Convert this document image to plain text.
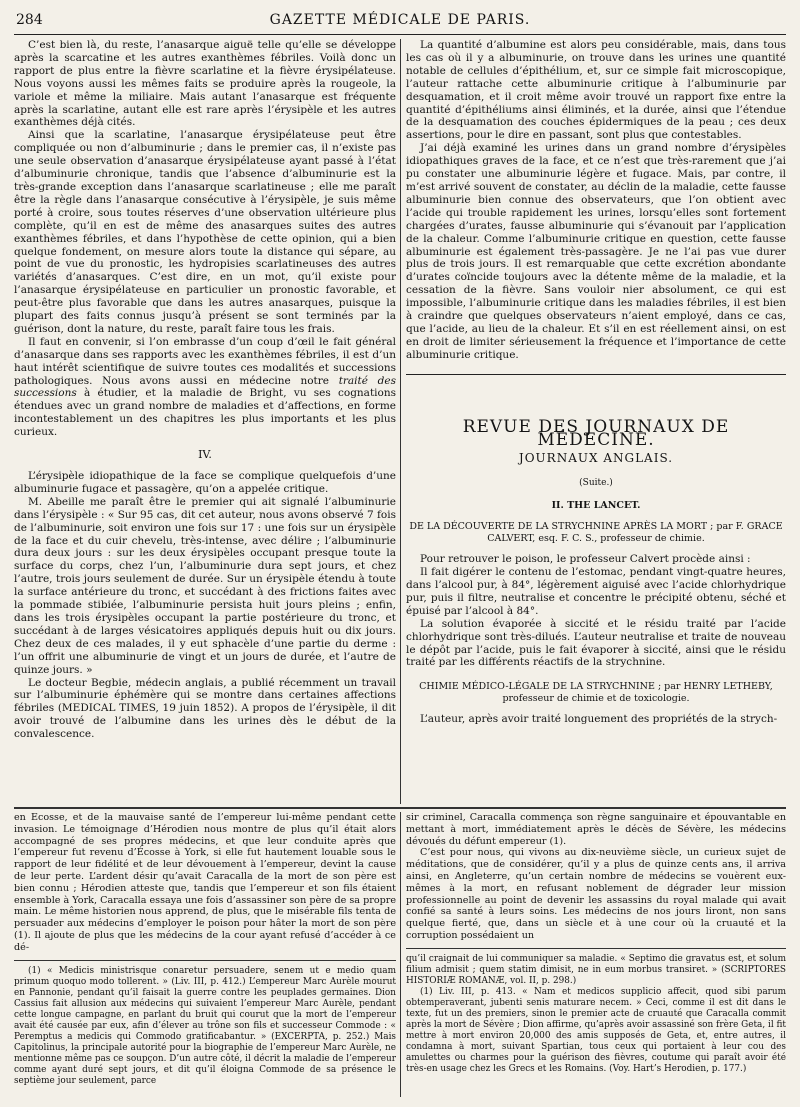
284	GAZETTE MÉDICALE DE PARIS.

C’est bien là, du reste, l’anasarque aiguë telle qu’elle se développe après la scarcatine et les autres exanthèmes fébriles. Voilà donc un rapport de plus entre la fièvre scarlatine et la fièvre érysipélateuse. Nous voyons aussi les mêmes faits se produire après la rougeole, la variole et même la miliaire. Mais autant l’anasarque est fréquente après la scarlatine, autant elle est rare après l’érysipèle et les autres exanthèmes déjà cités.

Ainsi que la scarlatine, l’anasarque érysipélateuse peut être compliquée ou non d’albuminurie ; dans le premier cas, il n’existe pas une seule observation d’anasarque érysipélateuse ayant passé à l’état d’albuminurie chronique, tandis que l’absence d’albuminurie est la très-grande exception dans l’anasarque scarlatineuse ; elle me paraît être la règle dans l’anasarque consécutive à l’érysipèle, je suis même porté à croire, sous toutes réserves d’une observation ultérieure plus complète, qu’il en est de même des anasarques suites des autres exanthèmes fébriles, et dans l’hypothèse de cette opinion, qui a bien quelque fondement, on mesure alors toute la distance qui sépare, au point de vue du pronostic, les hydropisies scarlatineuses des autres variétés d’anasarques. C’est dire, en un mot, qu’il existe pour l’anasarque érysipélateuse en particulier un pronostic favorable, et peut-être plus favorable que dans les autres anasarques, puisque la plupart des faits connus jusqu’à présent se sont terminés par la guérison, dont la nature, du reste, paraît faire tous les frais.

Il faut en convenir, si l’on embrasse d’un coup d’œil le fait général d’anasarque dans ses rapports avec les exanthèmes fébriles, il est d’un haut intérêt scientifique de suivre toutes ces modalités et successions pathologiques. Nous avons aussi en médecine notre traité des successions à étudier, et la maladie de Bright, vu ses cognations étendues avec un grand nombre de maladies et d’affections, en forme incontestablement un des chapitres les plus importants et les plus curieux.

IV.

L’érysipèle idiopathique de la face se complique quelquefois d’une albuminurie fugace et passagère, qu’on a appelée critique.

M. Abeille me paraît être le premier qui ait signalé l’albuminurie dans l’érysipèle : « Sur 95 cas, dit cet auteur, nous avons observé 7 fois de l’albuminurie, soit environ une fois sur 17 : une fois sur un érysipèle de la face et du cuir chevelu, très-intense, avec délire ; l’albuminurie dura deux jours : sur les deux érysipèles occupant presque toute la surface du corps, chez l’un, l’albuminurie dura sept jours, et chez l’autre, trois jours seulement de durée. Sur un érysipèle étendu à toute la surface antérieure du tronc, et succédant à des frictions faites avec la pommade stibiée, l’albuminurie persista huit jours pleins ; enfin, dans les trois érysipèles occupant la partie postérieure du tronc, et succédant à de larges vésicatoires appliqués depuis huit ou dix jours. Chez deux de ces malades, il y eut sphacèle d’une partie du derme : l’un offrit une albuminurie de vingt et un jours de durée, et l’autre de quinze jours. »

Le docteur Begbie, médecin anglais, a publié récemment un travail sur l’albuminurie éphémère qui se montre dans certaines affections fébriles (MEDICAL TIMES, 19 juin 1852). A propos de l’érysipèle, il dit avoir trouvé de l’albumine dans les urines dès le début de la convalescence.

La quantité d’albumine est alors peu considérable, mais, dans tous les cas où il y a albuminurie, on trouve dans les urines une quantité notable de cellules d’épithélium, et, sur ce simple fait microscopique, l’auteur rattache cette albuminurie critique à l’albuminurie par desquamation, et il croit même avoir trouvé un rapport fixe entre la quantité d’épithéliums ainsi éliminés, et la durée, ainsi que l’étendue de la desquamation des couches épidermiques de la peau ; ces deux assertions, pour le dire en passant, sont plus que contestables.

J’ai déjà examiné les urines dans un grand nombre d’érysipèles idiopathiques graves de la face, et ce n’est que très-rarement que j’ai pu constater une albuminurie légère et fugace. Mais, par contre, il m’est arrivé souvent de constater, au déclin de la maladie, cette fausse albuminurie bien connue des observateurs, que l’on obtient avec l’acide qui trouble rapidement les urines, lorsqu’elles sont fortement chargées d’urates, fausse albuminurie qui s’évanouit par l’application de la chaleur. Comme l’albuminurie critique en question, cette fausse albuminurie est également très-passagère. Je ne l’ai pas vue durer plus de trois jours. Il est remarquable que cette excrétion abondante d’urates coïncide toujours avec la détente même de la maladie, et la cessation de la fièvre. Sans vouloir nier absolument, ce qui est impossible, l’albuminurie critique dans les maladies fébriles, il est bien à craindre que quelques observateurs n’aient employé, dans ce cas, que l’acide, au lieu de la chaleur. Et s’il en est réellement ainsi, on est en droit de limiter sérieusement la fréquence et l’importance de cette albuminurie critique.

REVUE DES JOURNAUX DE MÉDECINE.
JOURNAUX ANGLAIS.
(Suite.)
II. THE LANCET.
DE LA DÉCOUVERTE DE LA STRYCHNINE APRÈS LA MORT ; par F. GRACE CALVERT, esq. F. C. S., professeur de chimie.

Pour retrouver le poison, le professeur Calvert procède ainsi :

Il fait digérer le contenu de l’estomac, pendant vingt-quatre heures, dans l’alcool pur, à 84°, légèrement aiguisé avec l’acide chlorhydrique pur, puis il filtre, neutralise et concentre le précipité obtenu, séché et épuisé par l’alcool à 84°.

La solution évaporée à siccité et le résidu traité par l’acide chlorhydrique sont très-dilués. L’auteur neutralise et traite de nouveau le dépôt par l’acide, puis le fait évaporer à siccité, ainsi que le résidu traité par les différents réactifs de la strychnine.

CHIMIE MÉDICO-LÉGALE DE LA STRYCHNINE ; par HENRY LETHEBY, professeur de chimie et de toxicologie.

L’auteur, après avoir traité longuement des propriétés de la strych-

en Ecosse, et de la mauvaise santé de l’empereur lui-même pendant cette invasion. Le témoignage d’Hérodien nous montre de plus qu’il était alors accompagné de ses propres médecins, et que leur conduite après que l’empereur fut revenu d’Écosse à York, si elle fut hautement louable sous le rapport de leur fidélité et de leur dévouement à l’empereur, devint la cause de leur perte. L’ardent désir qu’avait Caracalla de la mort de son père est bien connu ; Hérodien atteste que, tandis que l’empereur et son fils étaient ensemble à York, Caracalla essaya une fois d’assassiner son père de sa propre main. Le même historien nous apprend, de plus, que le misérable fils tenta de persuader aux médecins d’employer le poison pour hâter la mort de son père (1). Il ajoute de plus que les médecins de la cour ayant refusé d’accéder à ce dé-

(1) « Medicis ministrisque conaretur persuadere, senem ut e medio quam primum quoquo modo tollerent. » (Liv. III, p. 412.) L’empereur Marc Aurèle mourut en Pannonie, pendant qu’il faisait la guerre contre les peuplades germaines. Dion Cassius fait allusion aux médecins qui suivaient l’empereur Marc Aurèle, pendant cette longue campagne, en parlant du bruit qui courut que la mort de l’empereur avait été causée par eux, afin d’élever au trône son fils et successeur Commode : « Peremptus a medicis qui Commodo gratificabantur. » (EXCERPTA, p. 252.) Mais Capitolinus, la principale autorité pour la biographie de l’empereur Marc Aurèle, ne mentionne même pas ce soupçon. D’un autre côté, il décrit la maladie de l’empereur comme ayant duré sept jours, et dit qu’il éloigna Commode de sa présence le septième jour seulement, parce

sir criminel, Caracalla commença son règne sanguinaire et épouvantable en mettant à mort, immédiatement après le décès de Sévère, les médecins dévoués du défunt empereur (1).

C’est pour nous, qui vivons au dix-neuvième siècle, un curieux sujet de méditations, que de considérer, qu’il y a plus de quinze cents ans, il arriva ainsi, en Angleterre, qu’un certain nombre de médecins se vouèrent eux-mêmes à la mort, en refusant noblement de dégrader leur mission professionnelle au point de devenir les assassins du royal malade qui avait confié sa santé à leurs soins. Les médecins de nos jours liront, non sans quelque fierté, que, dans un siècle et à une cour où la cruauté et la corruption possédaient un

qu’il craignait de lui communiquer sa maladie. « Septimo die gravatus est, et solum filium admisit ; quem statim dimisit, ne in eum morbus transiret. » (SCRIPTORES HISTORIÆ ROMANÆ, vol. II, p. 298.)

(1) Liv. III, p. 413. « Nam et medicos supplicio affecit, quod sibi parum obtemperaverant, jubenti senis maturare necem. » Ceci, comme il est dit dans le texte, fut un des premiers, sinon le premier acte de cruauté que Caracalla commit après la mort de Sévère ; Dion affirme, qu’après avoir assassiné son frère Geta, il fit mettre à mort environ 20,000 des amis supposés de Geta, et, entre autres, il condamna à mort, suivant Spartian, tous ceux qui portaient à leur cou des amulettes ou charmes pour la guérison des fièvres, coutume qui paraît avoir été très-en usage chez les Grecs et les Romains. (Voy. Hart’s Herodien, p. 177.)
